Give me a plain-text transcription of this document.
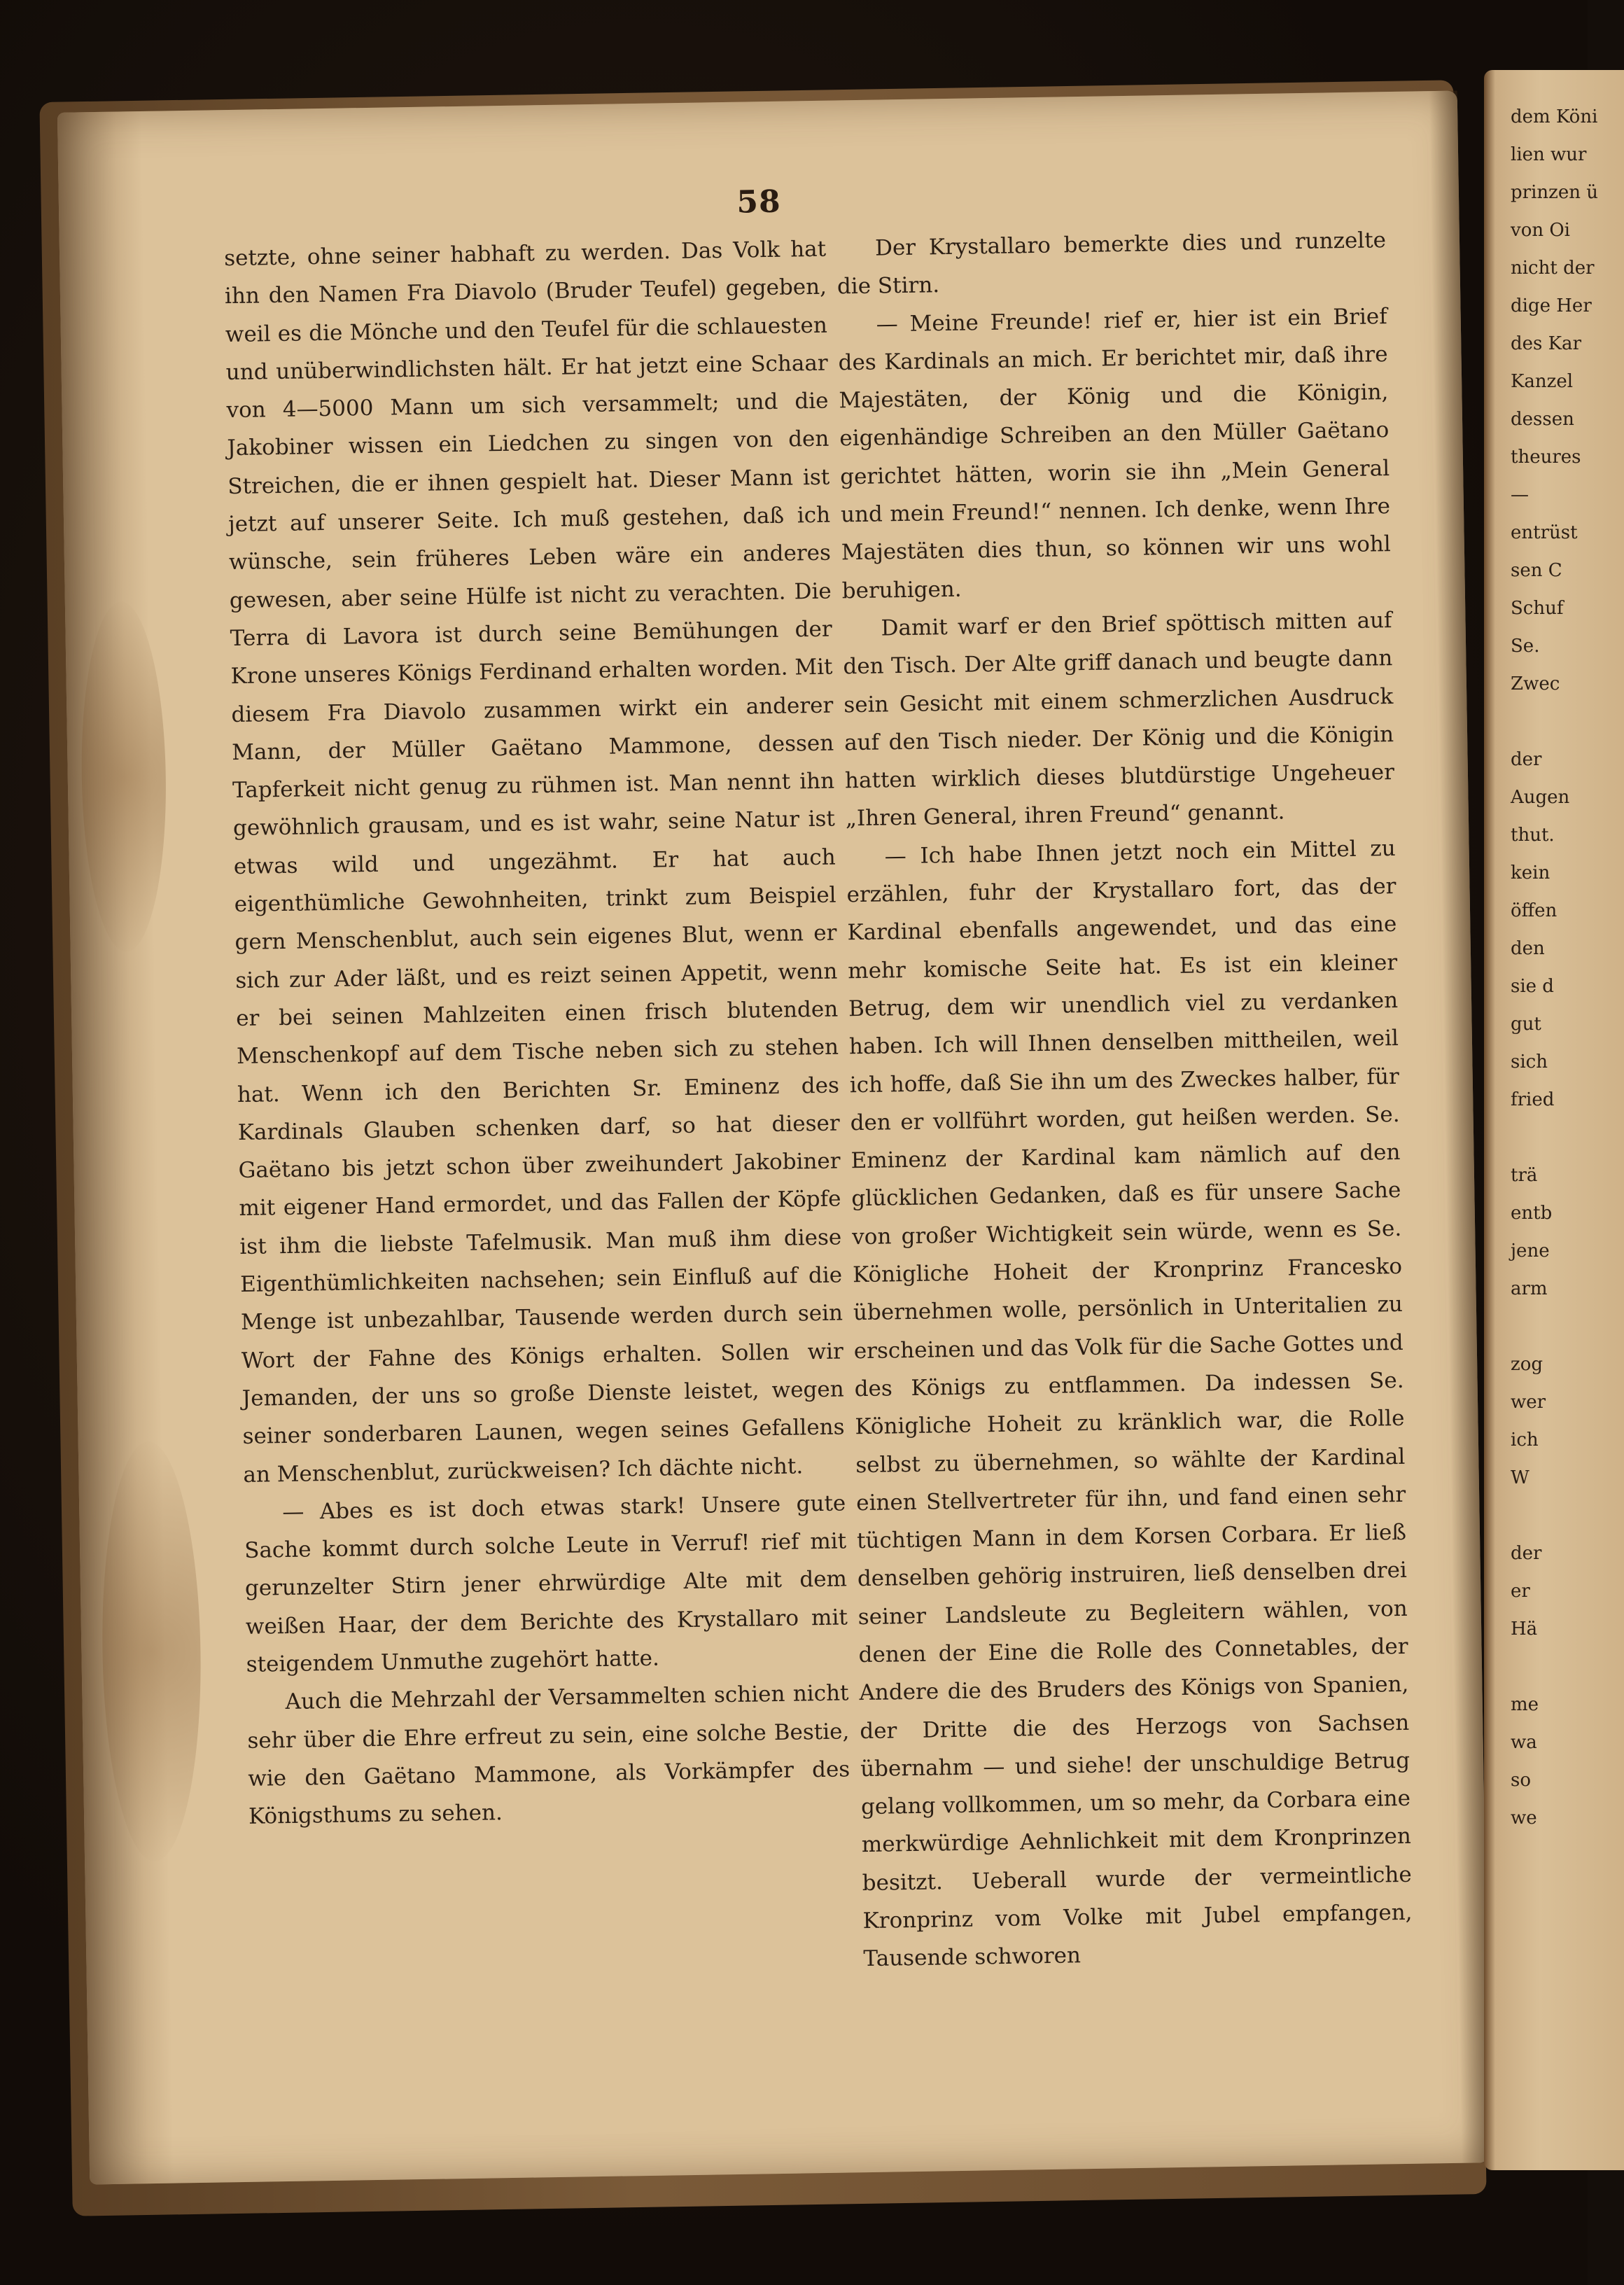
58

setzte, ohne seiner habhaft zu werden. Das Volk hat ihn den Namen Fra Diavolo (Bruder Teufel) gegeben, weil es die Mönche und den Teufel für die schlauesten und unüberwindlichsten hält. Er hat jetzt eine Schaar von 4—5000 Mann um sich versammelt; und die Jakobiner wissen ein Liedchen zu singen von den Streichen, die er ihnen gespielt hat. Dieser Mann ist jetzt auf unserer Seite. Ich muß gestehen, daß ich wünsche, sein früheres Leben wäre ein anderes gewesen, aber seine Hülfe ist nicht zu verachten. Die Terra di Lavora ist durch seine Bemühungen der Krone unseres Königs Ferdinand erhalten worden. Mit diesem Fra Diavolo zusammen wirkt ein anderer Mann, der Müller Gaëtano Mammone, dessen Tapferkeit nicht genug zu rühmen ist. Man nennt ihn gewöhnlich grausam, und es ist wahr, seine Natur ist etwas wild und ungezähmt. Er hat auch eigenthümliche Gewohnheiten, trinkt zum Beispiel gern Menschenblut, auch sein eigenes Blut, wenn er sich zur Ader läßt, und es reizt seinen Appetit, wenn er bei seinen Mahlzeiten einen frisch blutenden Menschenkopf auf dem Tische neben sich zu stehen hat. Wenn ich den Berichten Sr. Eminenz des Kardinals Glauben schenken darf, so hat dieser Gaëtano bis jetzt schon über zweihundert Jakobiner mit eigener Hand ermordet, und das Fallen der Köpfe ist ihm die liebste Tafelmusik. Man muß ihm diese Eigenthümlichkeiten nachsehen; sein Einfluß auf die Menge ist unbezahlbar, Tausende werden durch sein Wort der Fahne des Königs erhalten. Sollen wir Jemanden, der uns so große Dienste leistet, wegen seiner sonderbaren Launen, wegen seines Gefallens an Menschenblut, zurückweisen? Ich dächte nicht.

— Abes es ist doch etwas stark! Unsere gute Sache kommt durch solche Leute in Verruf! rief mit gerunzelter Stirn jener ehrwürdige Alte mit dem weißen Haar, der dem Berichte des Krystallaro mit steigendem Unmuthe zugehört hatte.

Auch die Mehrzahl der Versammelten schien nicht sehr über die Ehre erfreut zu sein, eine solche Bestie, wie den Gaëtano Mammone, als Vorkämpfer des Königsthums zu sehen.

Der Krystallaro bemerkte dies und runzelte die Stirn.

— Meine Freunde! rief er, hier ist ein Brief des Kardinals an mich. Er berichtet mir, daß ihre Majestäten, der König und die Königin, eigenhändige Schreiben an den Müller Gaëtano gerichtet hätten, worin sie ihn „Mein General und mein Freund!“ nennen. Ich denke, wenn Ihre Majestäten dies thun, so können wir uns wohl beruhigen.

Damit warf er den Brief spöttisch mitten auf den Tisch. Der Alte griff danach und beugte dann sein Gesicht mit einem schmerzlichen Ausdruck auf den Tisch nieder. Der König und die Königin hatten wirklich dieses blutdürstige Ungeheuer „Ihren General, ihren Freund“ genannt.

— Ich habe Ihnen jetzt noch ein Mittel zu erzählen, fuhr der Krystallaro fort, das der Kardinal ebenfalls angewendet, und das eine mehr komische Seite hat. Es ist ein kleiner Betrug, dem wir unendlich viel zu verdanken haben. Ich will Ihnen denselben mittheilen, weil ich hoffe, daß Sie ihn um des Zweckes halber, für den er vollführt worden, gut heißen werden. Se. Eminenz der Kardinal kam nämlich auf den glücklichen Gedanken, daß es für unsere Sache von großer Wichtigkeit sein würde, wenn es Se. Königliche Hoheit der Kronprinz Francesko übernehmen wolle, persönlich in Unteritalien zu erscheinen und das Volk für die Sache Gottes und des Königs zu entflammen. Da indessen Se. Königliche Hoheit zu kränklich war, die Rolle selbst zu übernehmen, so wählte der Kardinal einen Stellvertreter für ihn, und fand einen sehr tüchtigen Mann in dem Korsen Corbara. Er ließ denselben gehörig instruiren, ließ denselben drei seiner Landsleute zu Begleitern wählen, von denen der Eine die Rolle des Connetables, der Andere die des Bruders des Königs von Spanien, der Dritte die des Herzogs von Sachsen übernahm — und siehe! der unschuldige Betrug gelang vollkommen, um so mehr, da Corbara eine merkwürdige Aehnlichkeit mit dem Kronprinzen besitzt. Ueberall wurde der vermeintliche Kronprinz vom Volke mit Jubel empfangen, Tausende schworen

dem Köni
lien wur
prinzen ü
von Oi
nicht der
dige Her
des Kar
Kanzel
dessen
theures
—
entrüst
sen C
Schuf
Se.
Zwec

der
Augen
thut.
kein
öffen
den
sie d
gut
sich
fried

trä
entb
jene
arm

zog
wer
ich
W

der
er
Hä

me
wa
so
we
